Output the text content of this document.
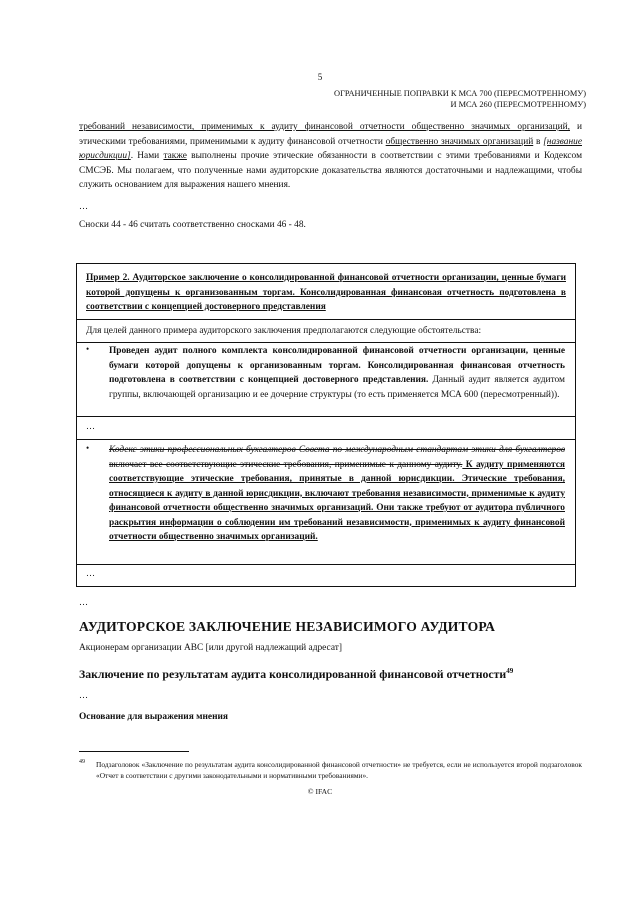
5
ОГРАНИЧЕННЫЕ ПОПРАВКИ К МСА 700 (ПЕРЕСМОТРЕННОМУ)
И МСА 260 (ПЕРЕСМОТРЕННОМУ)
требований независимости, применимых к аудиту финансовой отчетности общественно значимых организаций, и этическими требованиями, применимыми к аудиту финансовой отчетности общественно значимых организаций в [название юрисдикции]. Нами также выполнены прочие этические обязанности в соответствии с этими требованиями и Кодексом СМСЭБ. Мы полагаем, что полученные нами аудиторские доказательства являются достаточными и надлежащими, чтобы служить основанием для выражения нашего мнения.
…
Сноски 44 - 46 считать соответственно сносками 46 - 48.
Пример 2. Аудиторское заключение о консолидированной финансовой отчетности организации, ценные бумаги которой допущены к организованным торгам. Консолидированная финансовая отчетность подготовлена в соответствии с концепцией достоверного представления
Для целей данного примера аудиторского заключения предполагаются следующие обстоятельства:
• Проведен аудит полного комплекта консолидированной финансовой отчетности организации, ценные бумаги которой допущены к организованным торгам. Консолидированная финансовая отчетность подготовлена в соответствии с концепцией достоверного представления. Данный аудит является аудитом группы, включающей организацию и ее дочерние структуры (то есть применяется МСА 600 (пересмотренный)).
…
• Кодекс этики профессиональных бухгалтеров Совета по международным стандартам этики для бухгалтеров включает все соответствующие этические требования, применимые к данному аудиту. К аудиту применяются соответствующие этические требования, принятые в данной юрисдикции. Этические требования, относящиеся к аудиту в данной юрисдикции, включают требования независимости, применимые к аудиту финансовой отчетности общественно значимых организаций. Они также требуют от аудитора публичного раскрытия информации о соблюдении им требований независимости, применимых к аудиту финансовой отчетности общественно значимых организаций.
…
…
АУДИТОРСКОЕ ЗАКЛЮЧЕНИЕ НЕЗАВИСИМОГО АУДИТОРА
Акционерам организации ABC [или другой надлежащий адресат]
Заключение по результатам аудита консолидированной финансовой отчетности$^{49}$
…
Основание для выражения мнения
49 Подзаголовок «Заключение по результатам аудита консолидированной финансовой отчетности» не требуется, если не используется второй подзаголовок «Отчет в соответствии с другими законодательными и нормативными требованиями».
© IFAC
